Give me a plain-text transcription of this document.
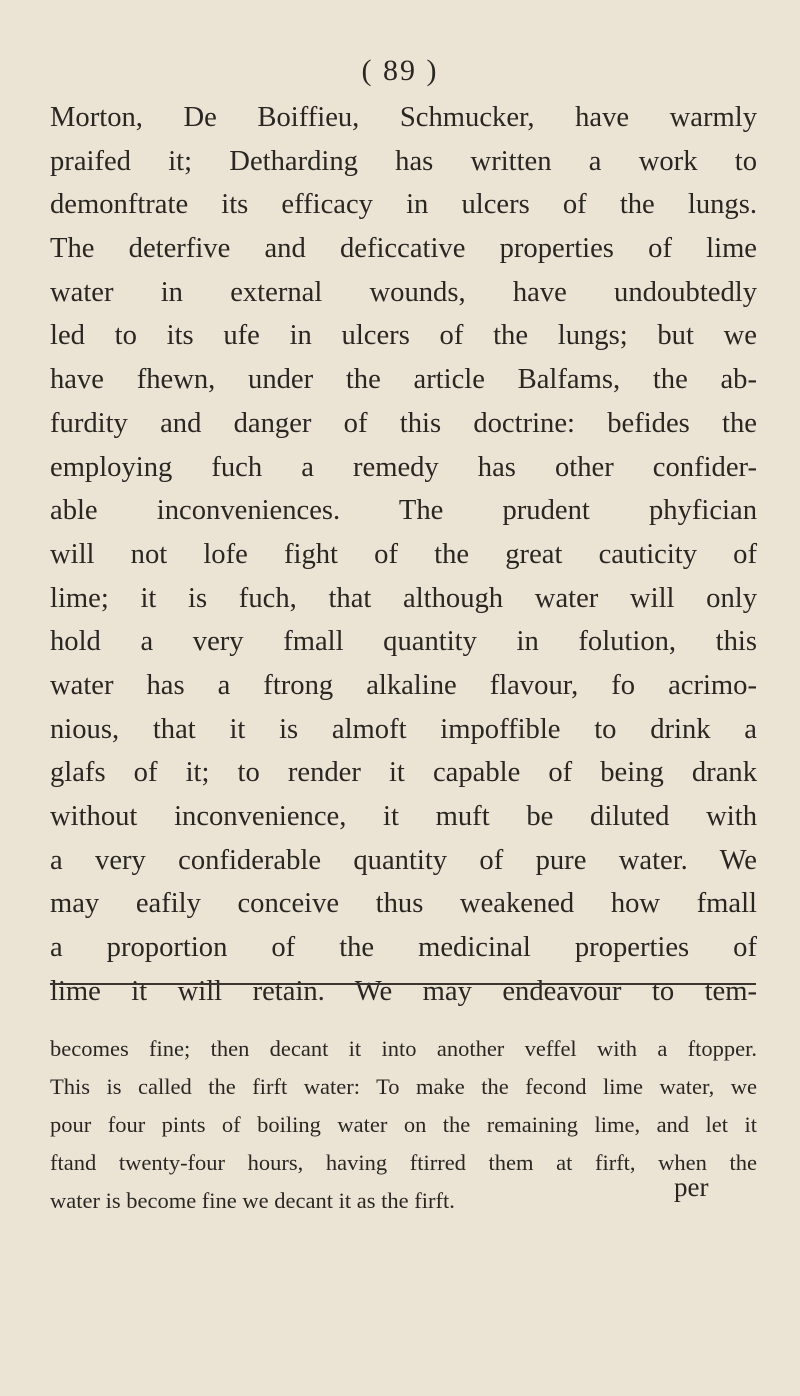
( 89 )
Morton, De Boiffieu, Schmucker, have warmly
praifed it; Detharding has written a work to
demonftrate its efficacy in ulcers of the lungs.
The deterfive and deficcative properties of lime
water in external wounds, have undoubtedly
led to its ufe in ulcers of the lungs; but we
have fhewn, under the article Balfams, the ab-
furdity and danger of this doctrine: befides the
employing fuch a remedy has other confider-
able inconveniences. The prudent phyfician
will not lofe fight of the great cauticity of
lime; it is fuch, that although water will only
hold a very fmall quantity in folution, this
water has a ftrong alkaline flavour, fo acrimo-
nious, that it is almoft impoffible to drink a
glafs of it; to render it capable of being drank
without inconvenience, it muft be diluted with
a very confiderable quantity of pure water. We
may eafily conceive thus weakened how fmall
a proportion of the medicinal properties of
lime it will retain. We may endeavour to tem-
becomes fine; then decant it into another veffel with a ftopper.
This is called the firft water: To make the fecond lime water, we
pour four pints of boiling water on the remaining lime, and let it
ftand twenty-four hours, having ftirred them at firft, when the
water is become fine we decant it as the firft.	per
